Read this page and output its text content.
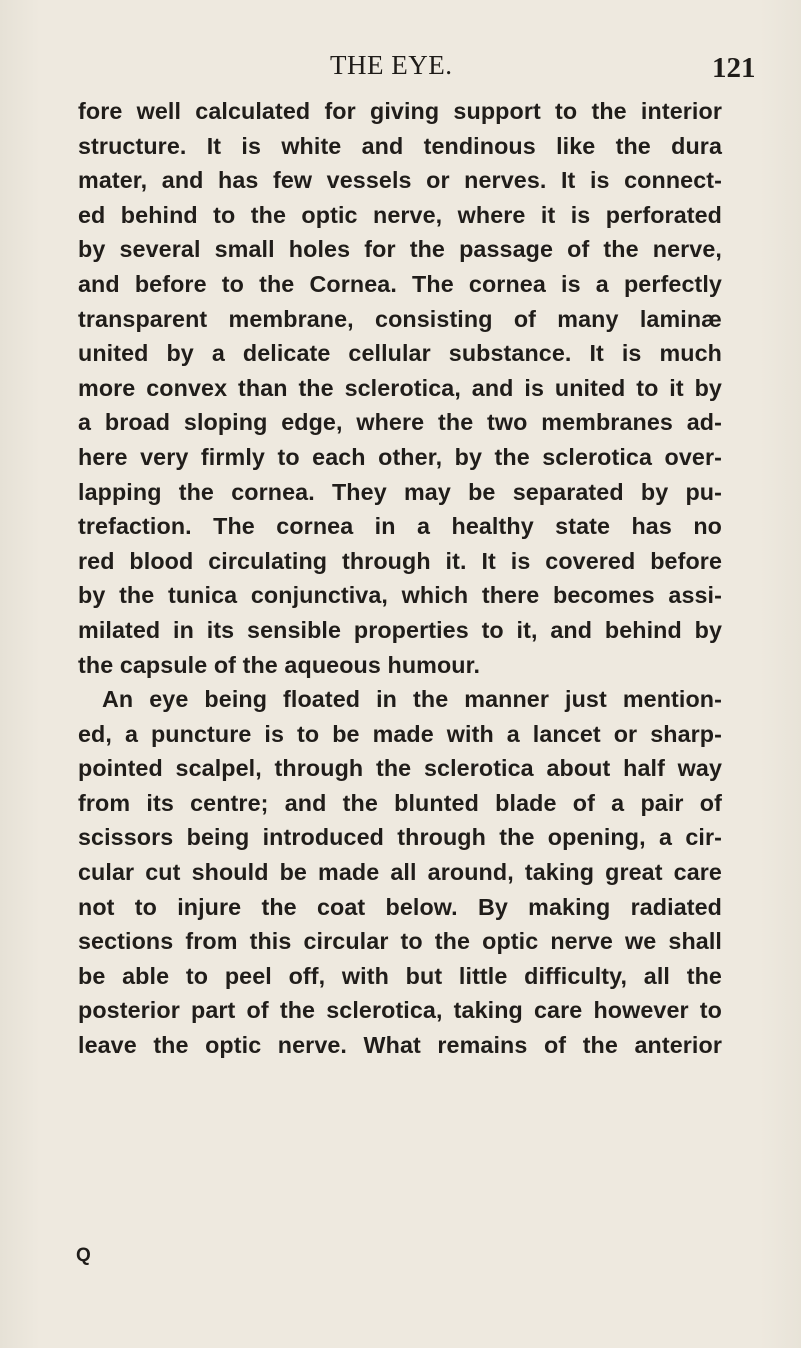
THE EYE.	121
fore well calculated for giving support to the interior
structure. It is white and tendinous like the dura
mater, and has few vessels or nerves. It is connect-
ed behind to the optic nerve, where it is perforated
by several small holes for the passage of the nerve,
and before to the Cornea. The cornea is a perfectly
transparent membrane, consisting of many laminæ
united by a delicate cellular substance. It is much
more convex than the sclerotica, and is united to it by
a broad sloping edge, where the two membranes ad-
here very firmly to each other, by the sclerotica over-
lapping the cornea. They may be separated by pu-
trefaction. The cornea in a healthy state has no
red blood circulating through it. It is covered before
by the tunica conjunctiva, which there becomes assi-
milated in its sensible properties to it, and behind by
the capsule of the aqueous humour.
An eye being floated in the manner just mention-
ed, a puncture is to be made with a lancet or sharp-
pointed scalpel, through the sclerotica about half way
from its centre; and the blunted blade of a pair of
scissors being introduced through the opening, a cir-
cular cut should be made all around, taking great care
not to injure the coat below. By making radiated
sections from this circular to the optic nerve we shall
be able to peel off, with but little difficulty, all the
posterior part of the sclerotica, taking care however to
leave the optic nerve. What remains of the anterior
Q
